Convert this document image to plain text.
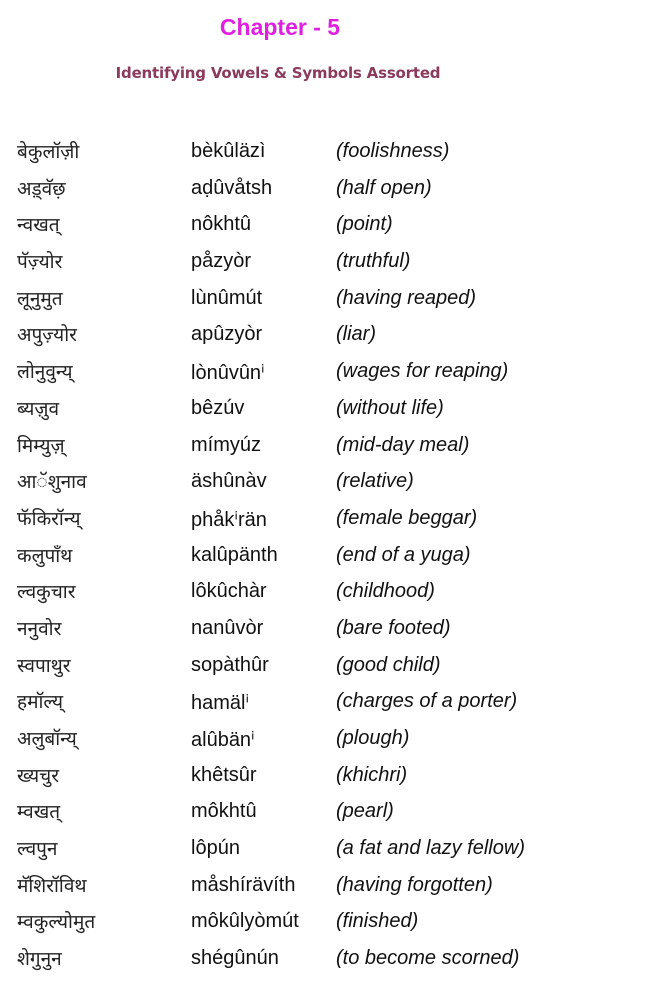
Chapter - 5
Identifying Vowels & Symbols Assorted
बेकुलॉज़ी	bèkûläzì	(foolishness)
अड़्वॅछ़	aḍûvåtsh	(half open)
न्वखत्	nôkhtû	(point)
पॅज़्योर	påzyòr	(truthful)
लूनुमुत	lùnûmút	(having reaped)
अपुज़्योर	apûzyòr	(liar)
लोनुवुन्य्	lònûvûnⁱ	(wages for reaping)
ब्यज़ुव	bêzúv	(without life)
मिम्युज़्	mímyúz	(mid-day meal)
आॅशुनाव	äshûnàv	(relative)
फॅकिरॉन्य्	phåkⁱrän	(female beggar)
कलुपाँथ	kalûpänth	(end of a yuga)
ल्वकुचार	lôkûchàr	(childhood)
ननुवोर	nanûvòr	(bare footed)
स्वपाथुर	sopàthûr	(good child)
हमॉल्य्	hamälⁱ	(charges of a porter)
अलुबॉन्य्	alûbänⁱ	(plough)
ख्यचुर	khêtsûr	(khichri)
म्वखत्	môkhtû	(pearl)
ल्वपुन	lôpún	(a fat and lazy fellow)
मॅशिरॉविथ	måshírävíth (having forgotten)
म्वकुल्योमुत	môkûlyòmút (finished)
शेगुनुन	shégûnún	(to become scorned)
